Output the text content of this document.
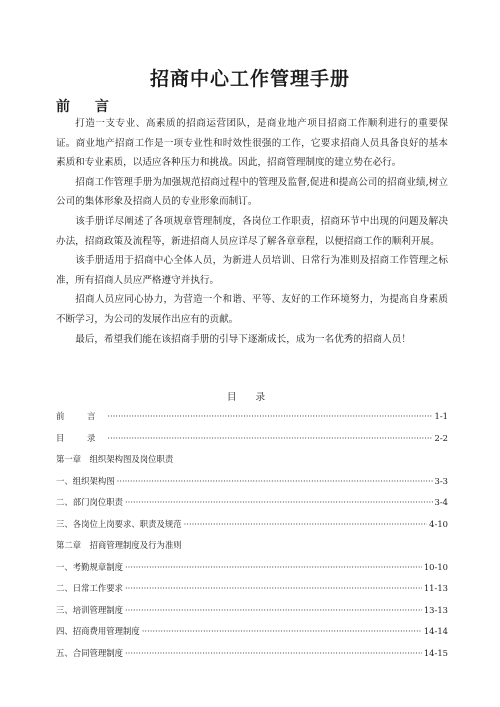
招商中心工作管理手册
前 言

打造一支专业、高素质的招商运营团队，是商业地产项目招商工作顺利进行的重要保证。商业地产招商工作是一项专业性和时效性很强的工作，它要求招商人员具备良好的基本素质和专业素质，以适应各种压力和挑战。因此，招商管理制度的建立势在必行。

招商工作管理手册为加强规范招商过程中的管理及监督,促进和提高公司的招商业绩,树立公司的集体形象及招商人员的专业形象而制订。

该手册详尽阐述了各项规章管理制度，各岗位工作职责，招商环节中出现的问题及解决办法，招商政策及流程等，新进招商人员应详尽了解各章章程，以便招商工作的顺利开展。

该手册适用于招商中心全体人员，为新进人员培训、日常行为准则及招商工作管理之标准，所有招商人员应严格遵守并执行。

招商人员应同心协力，为营造一个和谐、平等、友好的工作环境努力，为提高自身素质不断学习，为公司的发展作出应有的贡献。

最后，希望我们能在该招商手册的引导下逐渐成长，成为一名优秀的招商人员！

目 录
前 言 ·····	1-1
目 录 ·····	2-2
第一章　组织架构图及岗位职责
一、组织架构图 ·····	3-3
二、部门岗位职责 ·····	3-4
三、各岗位上岗要求、职责及规范 ·····	4-10
第二章　招商管理制度及行为准则
一、考勤规章制度 ·····	10-10
二、日常工作要求 ·····	11-13
三、培训管理制度 ·····	13-13
四、招商费用管理制度 ·····	14-14
五、合同管理制度 ·····	14-15
